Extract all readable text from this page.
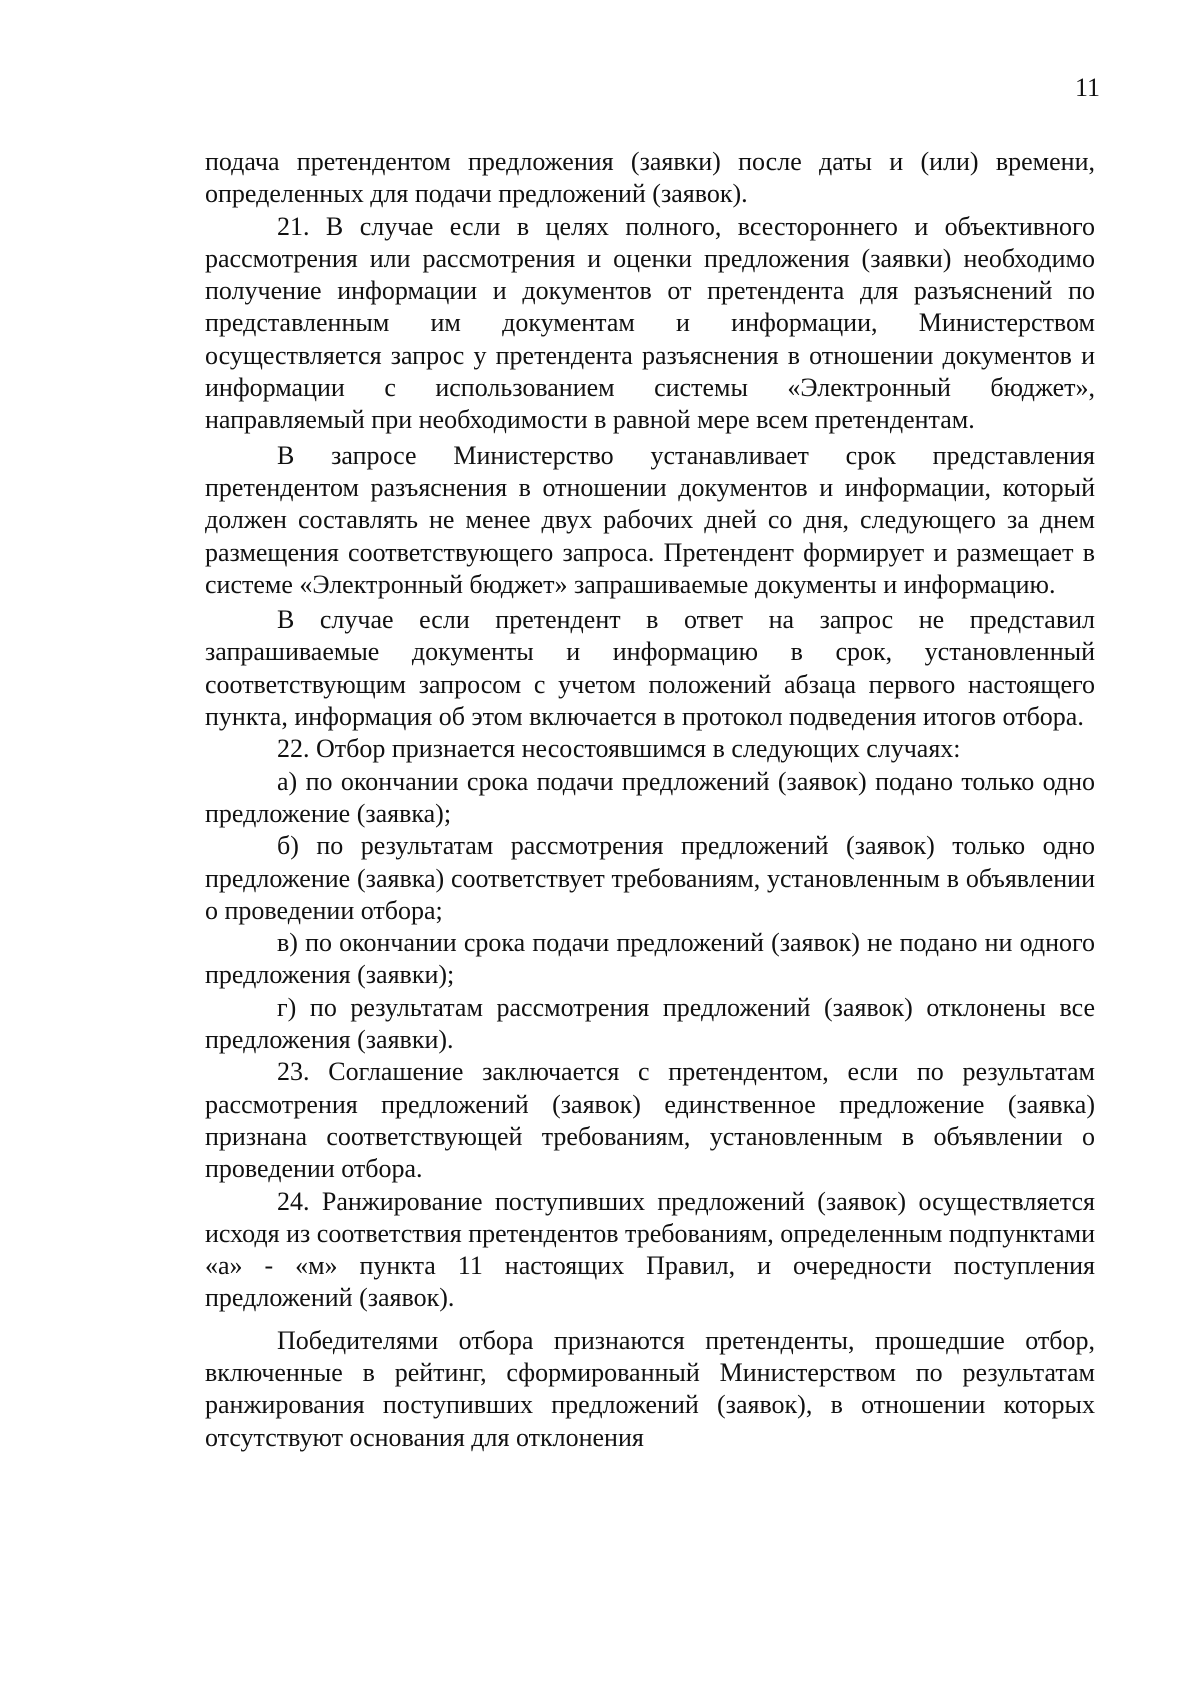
11

подача претендентом предложения (заявки) после даты и (или) времени, определенных для подачи предложений (заявок).

21. В случае если в целях полного, всестороннего и объективного рассмотрения или рассмотрения и оценки предложения (заявки) необходимо получение информации и документов от претендента для разъяснений по представленным им документам и информации, Министерством осуществляется запрос у претендента разъяснения в отношении документов и информации с использованием системы «Электронный бюджет», направляемый при необходимости в равной мере всем претендентам.

В запросе Министерство устанавливает срок представления претендентом разъяснения в отношении документов и информации, который должен составлять не менее двух рабочих дней со дня, следующего за днем размещения соответствующего запроса. Претендент формирует и размещает в системе «Электронный бюджет» запрашиваемые документы и информацию.

В случае если претендент в ответ на запрос не представил запрашиваемые документы и информацию в срок, установленный соответствующим запросом с учетом положений абзаца первого настоящего пункта, информация об этом включается в протокол подведения итогов отбора.

22. Отбор признается несостоявшимся в следующих случаях:

а) по окончании срока подачи предложений (заявок) подано только одно предложение (заявка);

б) по результатам рассмотрения предложений (заявок) только одно предложение (заявка) соответствует требованиям, установленным в объявлении о проведении отбора;

в) по окончании срока подачи предложений (заявок) не подано ни одного предложения (заявки);

г) по результатам рассмотрения предложений (заявок) отклонены все предложения (заявки).

23. Соглашение заключается с претендентом, если по результатам рассмотрения предложений (заявок) единственное предложение (заявка) признана соответствующей требованиям, установленным в объявлении о проведении отбора.

24. Ранжирование поступивших предложений (заявок) осуществляется исходя из соответствия претендентов требованиям, определенным подпунктами «а» - «м» пункта 11 настоящих Правил, и очередности поступления предложений (заявок).

Победителями отбора признаются претенденты, прошедшие отбор, включенные в рейтинг, сформированный Министерством по результатам ранжирования поступивших предложений (заявок), в отношении которых отсутствуют основания для отклонения
